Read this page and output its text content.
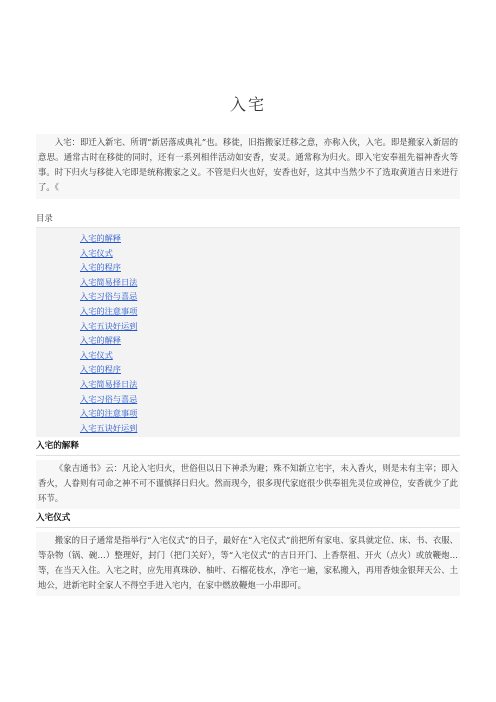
入宅
入宅：即迁入新宅、所谓“新居落成典礼”也。移徙，旧指搬家迁移之意，亦称入伙，入宅。即是搬家入新居的意思。通常古时在移徙的同时，还有一系列相伴活动如安香，安灵。通常称为归火。即入宅安奉祖先福神香火等事。时下归火与移徙入宅即是统称搬家之义。不管是归火也好，安香也好，这其中当然少不了选取黄道吉日来进行了。《
目录
入宅的解释
入宅仪式
入宅的程序
入宅简易择日法
入宅习俗与喜忌
入宅的注意事项
入宅五诀好运到
入宅的解释
入宅仪式
入宅的程序
入宅简易择日法
入宅习俗与喜忌
入宅的注意事项
入宅五诀好运到
入宅的解释
《象吉通书》云：凡论入宅归火，世俗但以日下神杀为避；殊不知新立宅宇，未入香火，则是未有主宰；即入香火，人眷则有司命之神不可不谨慎择日归火。然而现今，很多现代家庭很少供奉祖先灵位或神位，安香就少了此环节。
入宅仪式
搬家的日子通常是指举行“入宅仪式”的日子，最好在“入宅仪式”前把所有家电、家具就定位、床、书、衣服、等杂物（锅、碗…）整理好，封门（把门关好），等“入宅仪式”的吉日开门、上香祭祖、开火（点火）或放鞭炮…等，在当天入住。入宅之时，应先用真珠砂、柚叶、石榴花枝水，净宅一遍，家私搬入，再用香烛金银拜天公、土地公，进新宅时全家人不得空手进入宅内，在家中燃放鞭炮一小串即可。
